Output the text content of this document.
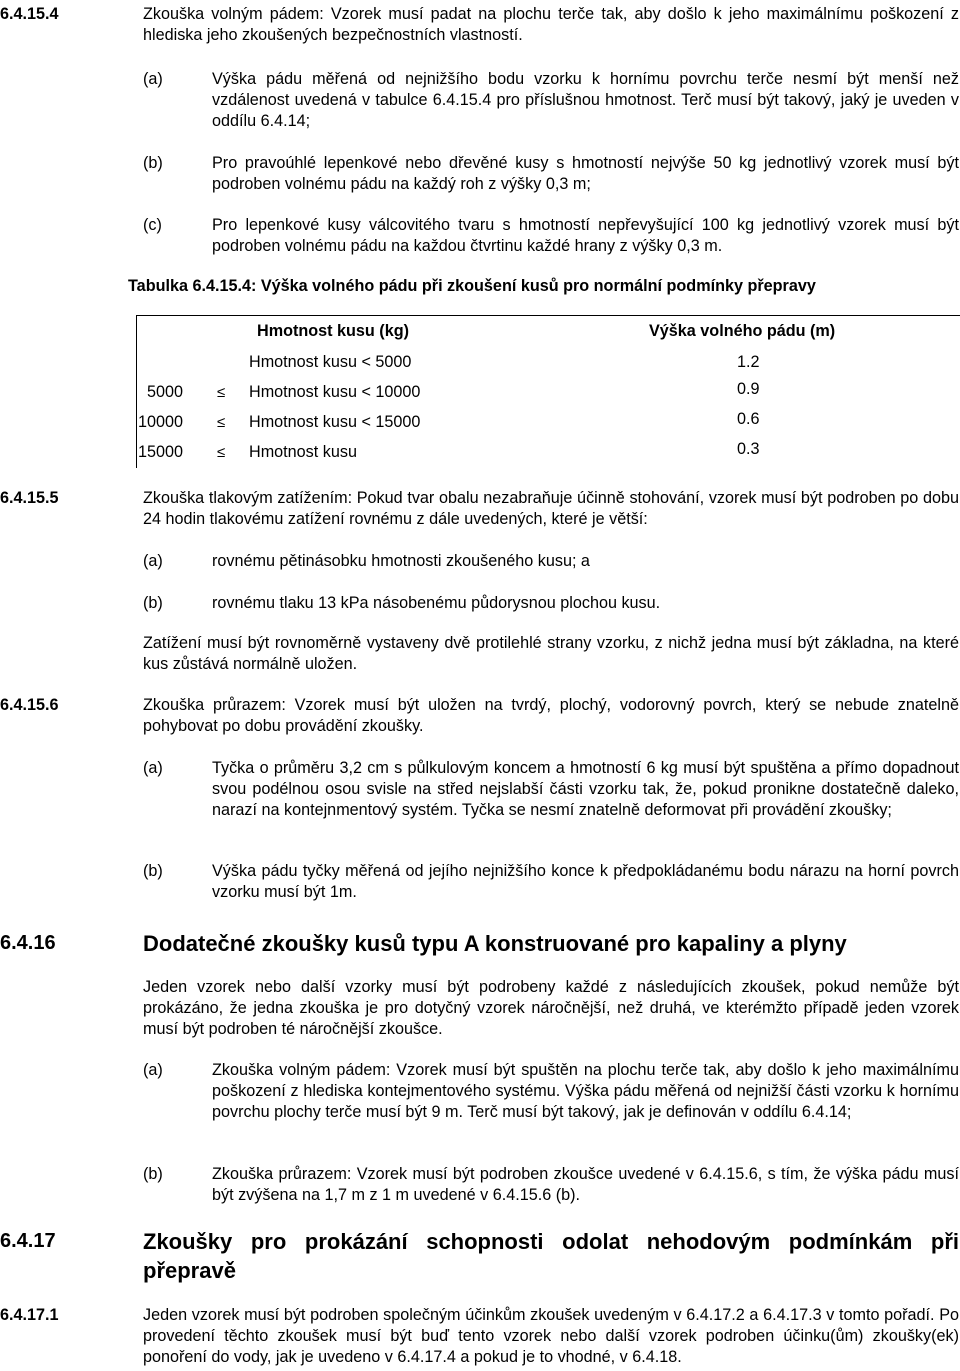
6.4.15.4	Zkouška volným pádem: Vzorek musí padat na plochu terče tak, aby došlo k jeho maximálnímu poškození z hlediska jeho zkoušených bezpečnostních vlastností.
(a)	Výška pádu měřená od nejnižšího bodu vzorku k hornímu povrchu terče nesmí být menší než vzdálenost uvedená v tabulce 6.4.15.4 pro příslušnou hmotnost. Terč musí být takový, jaký je uveden v oddílu 6.4.14;
(b)	Pro pravoúhlé lepenkové nebo dřevěné kusy s hmotností nejvýše 50 kg jednotlivý vzorek musí být podroben volnému pádu na každý roh z výšky 0,3 m;
(c)	Pro lepenkové kusy válcovitého tvaru s hmotností nepřevyšující 100 kg jednotlivý vzorek musí být podroben volnému pádu na každou čtvrtinu každé hrany z výšky 0,3 m.
Tabulka 6.4.15.4: Výška volného pádu při zkoušení kusů pro normální podmínky přepravy
Hmotnost kusu (kg)	Výška volného pádu (m)
Hmotnost kusu < 5000	1.2
5000 ≤ Hmotnost kusu < 10000	0.9
10000 ≤ Hmotnost kusu < 15000	0.6
15000 ≤ Hmotnost kusu	0.3
6.4.15.5	Zkouška tlakovým zatížením: Pokud tvar obalu nezabraňuje účinně stohování, vzorek musí být podroben po dobu 24 hodin tlakovému zatížení rovnému z dále uvedených, které je větší:
(a)	rovnému pětinásobku hmotnosti zkoušeného kusu; a
(b)	rovnému tlaku 13 kPa násobenému půdorysnou plochou kusu.
Zatížení musí být rovnoměrně vystaveny dvě protilehlé strany vzorku, z nichž jedna musí být základna, na které kus zůstává normálně uložen.
6.4.15.6	Zkouška průrazem: Vzorek musí být uložen na tvrdý, plochý, vodorovný povrch, který se nebude znatelně pohybovat po dobu provádění zkoušky.
(a)	Tyčka o průměru 3,2 cm s půlkulovým koncem a hmotností 6 kg musí být spuštěna a přímo dopadnout svou podélnou osou svisle na střed nejslabší části vzorku tak, že, pokud pronikne dostatečně daleko, narazí na kontejnmentový systém. Tyčka se nesmí znatelně deformovat při provádění zkoušky;
(b)	Výška pádu tyčky měřená od jejího nejnižšího konce k předpokládanému bodu nárazu na horní povrch vzorku musí být 1m.
6.4.16	Dodatečné zkoušky kusů typu A konstruované pro kapaliny a plyny
Jeden vzorek nebo další vzorky musí být podrobeny každé z následujících zkoušek, pokud nemůže být prokázáno, že jedna zkouška je pro dotyčný vzorek náročnější, než druhá, ve kterémžto případě jeden vzorek musí být podroben té náročnější zkoušce.
(a)	Zkouška volným pádem: Vzorek musí být spuštěn na plochu terče tak, aby došlo k jeho maximálnímu poškození z hlediska kontejmentového systému. Výška pádu měřená od nejnižší části vzorku k hornímu povrchu plochy terče musí být 9 m. Terč musí být takový, jak je definován v oddílu 6.4.14;
(b)	Zkouška průrazem: Vzorek musí být podroben zkoušce uvedené v 6.4.15.6, s tím, že výška pádu musí být zvýšena na 1,7 m z 1 m uvedené v 6.4.15.6 (b).
6.4.17	Zkoušky pro prokázání schopnosti odolat nehodovým podmínkám při přepravě
6.4.17.1	Jeden vzorek musí být podroben společným účinkům zkoušek uvedeným v 6.4.17.2 a 6.4.17.3 v tomto pořadí. Po provedení těchto zkoušek musí být buď tento vzorek nebo další vzorek podroben účinku(ům) zkoušky(ek) ponoření do vody, jak je uvedeno v 6.4.17.4 a pokud je to vhodné, v 6.4.18.
